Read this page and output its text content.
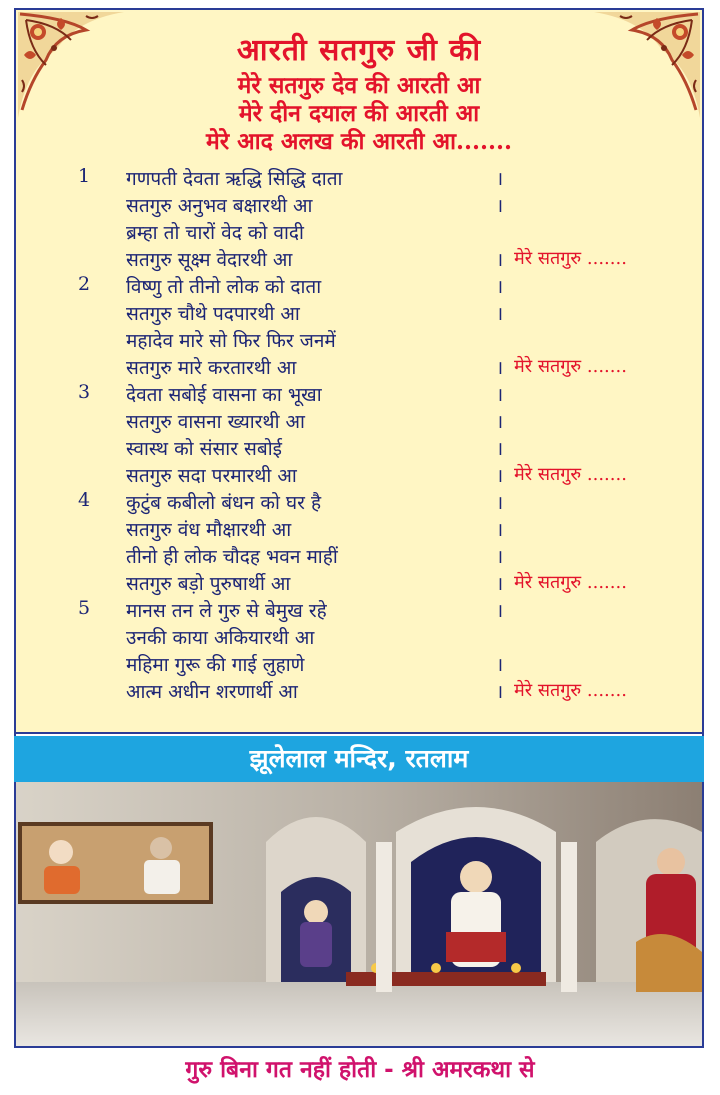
आरती सतगुरु जी की
मेरे सतगुरु देव की आरती आ
मेरे दीन दयाल की आरती आ
मेरे आद अलख की आरती आ.......
1 गणपती देवता ऋद्धि सिद्धि दाता	।
सतगुरु अनुभव बक्षारथी आ	।
ब्रम्हा तो चारों वेद को वादी
सतगुरु सूक्ष्म वेदारथी आ	। मेरे सतगुरु .......
2 विष्णु तो तीनो लोक को दाता	।
सतगुरु चौथे पदपारथी आ	।
महादेव मारे सो फिर फिर जनमें
सतगुरु मारे करतारथी आ	। मेरे सतगुरु .......
3 देवता सबोई वासना का भूखा	।
सतगुरु वासना ख्यारथी आ	।
स्वास्थ को संसार सबोई	।
सतगुरु सदा परमारथी आ	। मेरे सतगुरु .......
4 कुटुंब कबीलो बंधन को घर है	।
सतगुरु वंध मौक्षारथी आ	।
तीनो ही लोक चौदह भवन माहीं	।
सतगुरु बड़ो पुरुषार्थी आ	। मेरे सतगुरु .......
5 मानस तन ले गुरु से बेमुख रहे	।
उनकी काया अकियारथी आ
महिमा गुरू की गाई लुहाणे	।
आत्म अधीन शरणार्थी आ	। मेरे सतगुरु .......
झूलेलाल मन्दिर, रतलाम
गुरु बिना गत नहीं होती - श्री अमरकथा से
